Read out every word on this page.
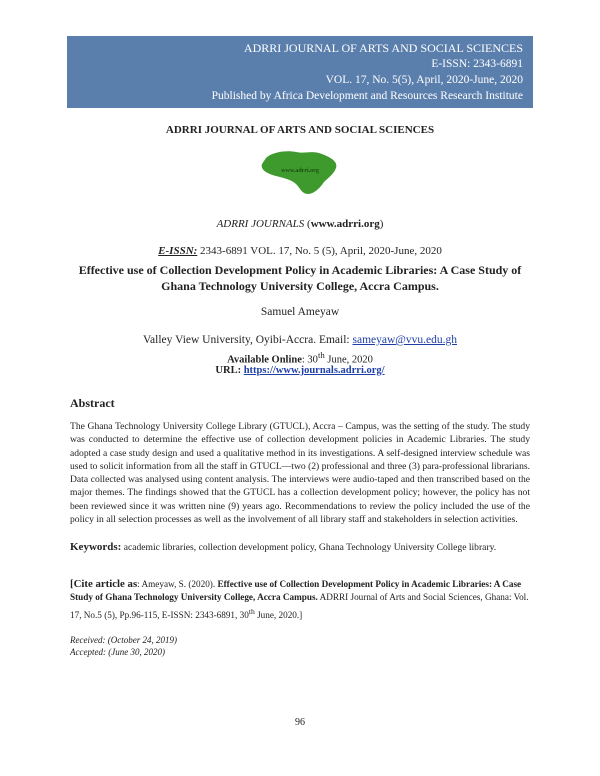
ADRRI JOURNAL OF ARTS AND SOCIAL SCIENCES
E-ISSN: 2343-6891
VOL. 17, No. 5(5), April, 2020-June, 2020
Published by Africa Development and Resources Research Institute
ADRRI JOURNAL OF ARTS AND SOCIAL SCIENCES
www.adrri.org
ADRRI JOURNALS (www.adrri.org)
E-ISSN: 2343-6891 VOL. 17, No. 5 (5), April, 2020-June, 2020
Effective use of Collection Development Policy in Academic Libraries: A Case Study of Ghana Technology University College, Accra Campus.
Samuel Ameyaw
Valley View University, Oyibi-Accra. Email: sameyaw@vvu.edu.gh
Available Online: 30th June, 2020
URL: https://www.journals.adrri.org/
Abstract

The Ghana Technology University College Library (GTUCL), Accra – Campus, was the setting of the study. The study was conducted to determine the effective use of collection development policies in Academic Libraries. The study adopted a case study design and used a qualitative method in its investigations. A self-designed interview schedule was used to solicit information from all the staff in GTUCL—two (2) professional and three (3) para-professional librarians. Data collected was analysed using content analysis. The interviews were audio-taped and then transcribed based on the major themes. The findings showed that the GTUCL has a collection development policy; however, the policy has not been reviewed since it was written nine (9) years ago. Recommendations to review the policy included the use of the policy in all selection processes as well as the involvement of all library staff and stakeholders in selection activities.

Keywords: academic libraries, collection development policy, Ghana Technology University College library.

[Cite article as: Ameyaw, S. (2020). Effective use of Collection Development Policy in Academic Libraries: A Case Study of Ghana Technology University College, Accra Campus. ADRRI Journal of Arts and Social Sciences, Ghana: Vol. 17, No.5 (5), Pp.96-115, E-ISSN: 2343-6891, 30th June, 2020.]

Received: (October 24, 2019)
Accepted: (June 30, 2020)
96
